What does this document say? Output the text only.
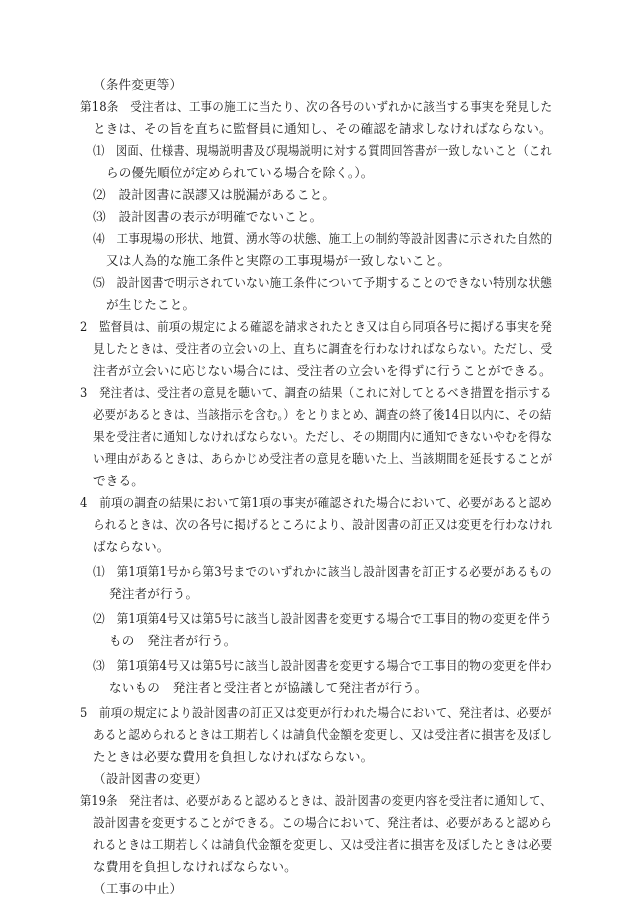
（条件変更等）
第18条　受注者は、工事の施工に当たり、次の各号のいずれかに該当する事実を発見した
ときは、その旨を直ちに監督員に通知し、その確認を請求しなければならない。
⑴　図面、仕様書、現場説明書及び現場説明に対する質問回答書が一致しないこと（これ
らの優先順位が定められている場合を除く。）。
⑵　設計図書に誤謬又は脱漏があること。
⑶　設計図書の表示が明確でないこと。
⑷　工事現場の形状、地質、湧水等の状態、施工上の制約等設計図書に示された自然的
又は人為的な施工条件と実際の工事現場が一致しないこと。
⑸　設計図書で明示されていない施工条件について予期することのできない特別な状態
が生じたこと。
2　監督員は、前項の規定による確認を請求されたとき又は自ら同項各号に掲げる事実を発
見したときは、受注者の立会いの上、直ちに調査を行わなければならない。ただし、受
注者が立会いに応じない場合には、受注者の立会いを得ずに行うことができる。
3　発注者は、受注者の意見を聴いて、調査の結果（これに対してとるべき措置を指示する
必要があるときは、当該指示を含む。）をとりまとめ、調査の終了後14日以内に、その結
果を受注者に通知しなければならない。ただし、その期間内に通知できないやむを得な
い理由があるときは、あらかじめ受注者の意見を聴いた上、当該期間を延長することが
できる。
4　前項の調査の結果において第1項の事実が確認された場合において、必要があると認め
られるときは、次の各号に掲げるところにより、設計図書の訂正又は変更を行わなけれ
ばならない。
⑴　第1項第1号から第3号までのいずれかに該当し設計図書を訂正する必要があるもの
発注者が行う。
⑵　第1項第4号又は第5号に該当し設計図書を変更する場合で工事目的物の変更を伴う
もの　発注者が行う。
⑶　第1項第4号又は第5号に該当し設計図書を変更する場合で工事目的物の変更を伴わ
ないもの　発注者と受注者とが協議して発注者が行う。
5　前項の規定により設計図書の訂正又は変更が行われた場合において、発注者は、必要が
あると認められるときは工期若しくは請負代金額を変更し、又は受注者に損害を及ぼし
たときは必要な費用を負担しなければならない。
（設計図書の変更）
第19条　発注者は、必要があると認めるときは、設計図書の変更内容を受注者に通知して、
設計図書を変更することができる。この場合において、発注者は、必要があると認めら
れるときは工期若しくは請負代金額を変更し、又は受注者に損害を及ぼしたときは必要
な費用を負担しなければならない。
（工事の中止）
